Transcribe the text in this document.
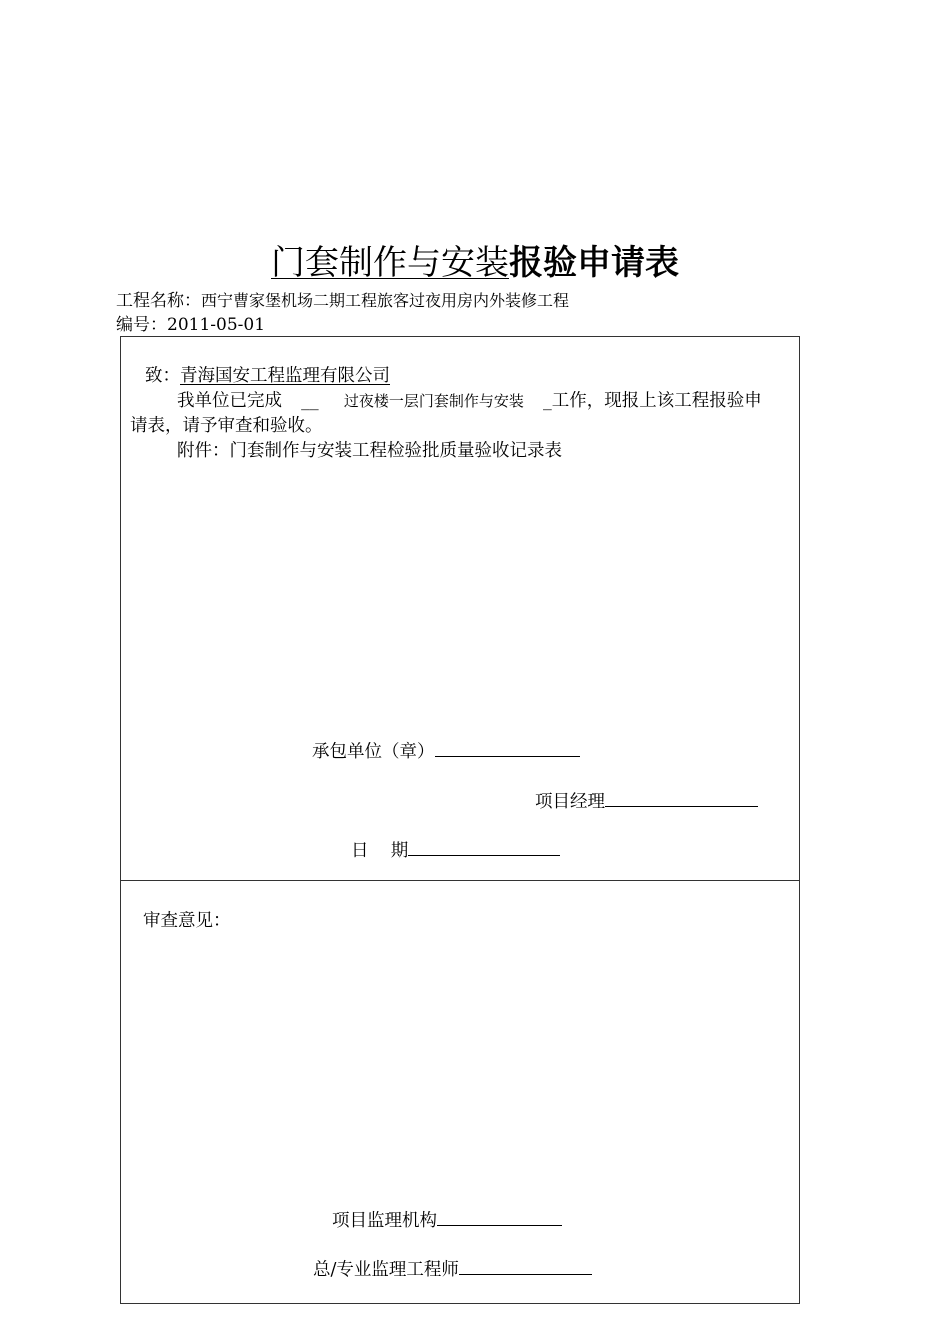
门套制作与安装报验申请表
工程名称：西宁曹家堡机场二期工程旅客过夜用房内外装修工程
编号：2011-05-01
致：青海国安工程监理有限公司
我单位已完成 __ 过夜楼一层门套制作与安装 _工作，现报上该工程报验申
请表，请予审查和验收。
附件：门套制作与安装工程检验批质量验收记录表
承包单位（章）
项目经理
日    期
审查意见：
项目监理机构
总/专业监理工程师
